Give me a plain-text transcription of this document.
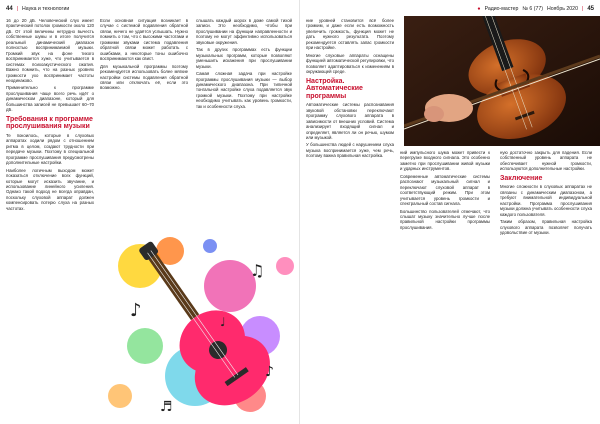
44 | Наука и технологии	● Радио-мастер № 6 (77) Ноябрь 2020 | 45

16 до 20 дБ. Человеческий слух имеет практический потолок громкости около 120 дБ. От этой величины нетрудно вычесть собственные шумы и в итоге получится реальный динамический диапазон полностью воспринимаемой музыки. Громкий звук на фоне тихого воспринимается хуже, что учитывается в системах психоакустического сжатия. Важно помнить, что на разных уровнях громкости ухо воспринимает частоты неодинаково.

Применительно к программе прослушивания чаще всего речь идёт о динамическом диапазоне, который для большинства записей не превышает 60–70 дБ.

Требования к программе прослушивания музыки

Те покоилось, которые в слуховых аппаратах ходили рядом с отношением ритма в целом, создают трудности при передаче музыки. Поэтому в специальной программе прослушивания предусмотрены дополнительные настройки.

Наиболее логичным выходом может показаться отключение всех функций, которые могут исказить звучание, и использование линейного усиления. Однако такой подход не всегда оправдан, поскольку слуховой аппарат должен компенсировать потерю слуха на разных частотах.

Если основная ситуация возникает в случае с системой подавления обратной связи, ничего не удаётся услышать. Нужно помнить о том, что с высокими частотами и громкими звуками система подавления обратной связи может работать с ошибками, а некоторые тоны ошибочно воспринимаются как свист.

Для музыкальной программы поэтому рекомендуется использовать более мягкие настройки системы подавления обратной связи или отключать её, если это возможно.

слышать каждый шорох в доме самой тихой записи. Это необходимо, чтобы при прослушивании на функции направленности и поэтому не могут эффективно использоваться звуковые окружения.

Так в других программах есть функции музыкальных программ, которые позволяют уменьшить искажения при прослушивании музыки.

Самая сложная задача при настройке программы прослушивания музыки — выбор динамического диапазона. При типичной тонгальной настройке слуха подавляется звук громкой музыки. Поэтому при настройке необходимо учитывать как уровень громкости, так и особенности слуха.

ние уровней становится всё более громким, и даже если есть возможность увеличить громкость, функция может не дать нужного результата. Поэтому рекомендуется оставлять запас громкости при настройке.

Многие слуховые аппараты оснащены функцией автоматической регулировки, что позволяет адаптироваться к изменениям в окружающей среде.

Настройка. Автоматические программы

Автоматические системы распознавания звуковой обстановки переключают программу слухового аппарата в зависимости от внешних условий. Система анализирует входящий сигнал и определяет, является ли он речью, шумом или музыкой.

У большинства людей с нарушением слуха музыка воспринимается хуже, чем речь, поэтому важна правильная настройка.

ний импульсного шума может привести к перегрузке входного сигнала. Это особенно заметно при прослушивании живой музыки и ударных инструментов.

Современные автоматические системы распознают музыкальный сигнал и переключают слуховой аппарат в соответствующий режим. При этом учитывается уровень громкости и спектральный состав сигнала.

Большинство пользователей отмечают, что слышат музыку значительно лучше после правильной настройки программы прослушивания.

ную достаточно закрыть для падения. Если собственный уровень аппарата не обеспечивает нужной громкости, используются дополнительные настройки.

Заключение

Многие сложности в слуховых аппаратах не связаны с динамическим диапазоном, а требуют внимательной индивидуальной настройки. Программа прослушивания музыки должна учитывать особенности слуха каждого пользователя.

Таким образом, правильная настройка слухового аппарата позволяет получать удовольствие от музыки.

♪
♫
♪
♬
♩
